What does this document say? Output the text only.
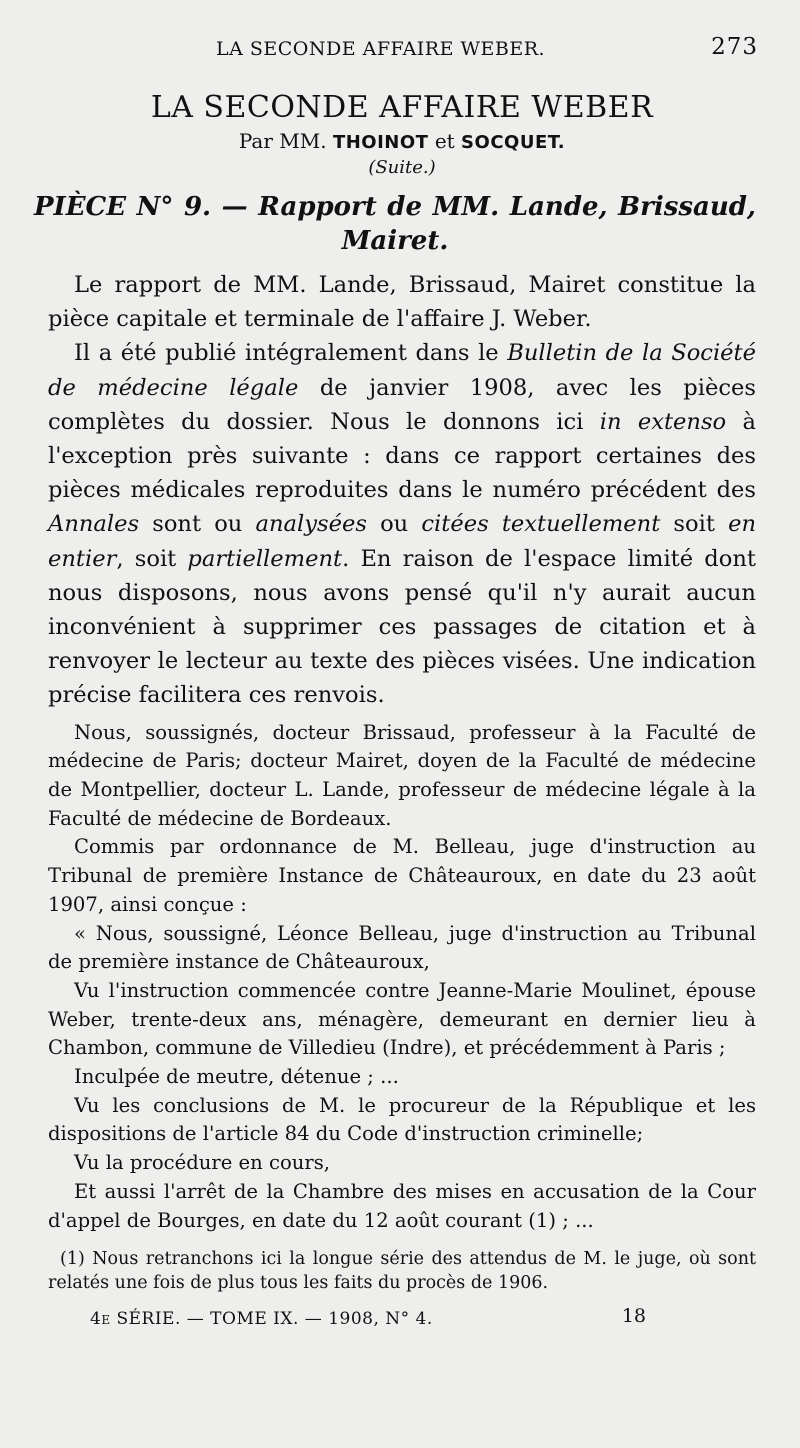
LA SECONDE AFFAIRE WEBER.	273
LA SECONDE AFFAIRE WEBER
Par MM. THOINOT et SOCQUET.
(Suite.)
PIÈCE N° 9. — Rapport de MM. Lande, Brissaud,
Mairet.

Le rapport de MM. Lande, Brissaud, Mairet constitue la pièce capitale et terminale de l'affaire J. Weber.

Il a été publié intégralement dans le Bulletin de la Société de médecine légale de janvier 1908, avec les pièces complètes du dossier. Nous le donnons ici in extenso à l'exception près suivante : dans ce rapport certaines des pièces médicales reproduites dans le numéro précédent des Annales sont ou analysées ou citées textuellement soit en entier, soit partiellement. En raison de l'espace limité dont nous disposons, nous avons pensé qu'il n'y aurait aucun inconvénient à supprimer ces passages de citation et à renvoyer le lecteur au texte des pièces visées. Une indication précise facilitera ces renvois.

Nous, soussignés, docteur Brissaud, professeur à la Faculté de médecine de Paris; docteur Mairet, doyen de la Faculté de médecine de Montpellier, docteur L. Lande, professeur de médecine légale à la Faculté de médecine de Bordeaux.

Commis par ordonnance de M. Belleau, juge d'instruction au Tribunal de première Instance de Châteauroux, en date du 23 août 1907, ainsi conçue :

« Nous, soussigné, Léonce Belleau, juge d'instruction au Tribunal de première instance de Châteauroux,

Vu l'instruction commencée contre Jeanne-Marie Moulinet, épouse Weber, trente-deux ans, ménagère, demeurant en dernier lieu à Chambon, commune de Villedieu (Indre), et précédemment à Paris ;

Inculpée de meutre, détenue ; ...

Vu les conclusions de M. le procureur de la République et les dispositions de l'article 84 du Code d'instruction criminelle;

Vu la procédure en cours,

Et aussi l'arrêt de la Chambre des mises en accusation de la Cour d'appel de Bourges, en date du 12 août courant (1) ; ...

(1) Nous retranchons ici la longue série des attendus de M. le juge, où sont relatés une fois de plus tous les faits du procès de 1906.
4e SÉRIE. — TOME IX. — 1908, N° 4.	18
